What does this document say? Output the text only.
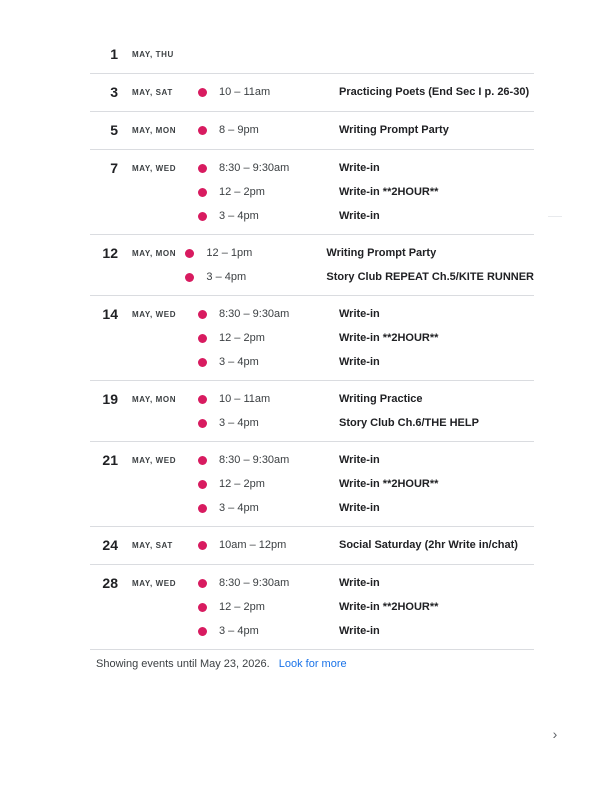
1	MAY, THU
3	MAY, SAT	10 – 11am	Practicing Poets (End Sec I p. 26-30)
5	MAY, MON	8 – 9pm	Writing Prompt Party
7	MAY, WED	8:30 – 9:30am	Write-in
12 – 2pm	Write-in **2HOUR**
3 – 4pm	Write-in
12	MAY, MON	12 – 1pm	Writing Prompt Party
3 – 4pm	Story Club REPEAT Ch.5/KITE RUNNER
14	MAY, WED	8:30 – 9:30am	Write-in
12 – 2pm	Write-in **2HOUR**
3 – 4pm	Write-in
19	MAY, MON	10 – 11am	Writing Practice
3 – 4pm	Story Club Ch.6/THE HELP
21	MAY, WED	8:30 – 9:30am	Write-in
12 – 2pm	Write-in **2HOUR**
3 – 4pm	Write-in
24	MAY, SAT	10am – 12pm	Social Saturday (2hr Write in/chat)
28	MAY, WED	8:30 – 9:30am	Write-in
12 – 2pm	Write-in **2HOUR**
3 – 4pm	Write-in
Showing events until May 23, 2026. Look for more
›
